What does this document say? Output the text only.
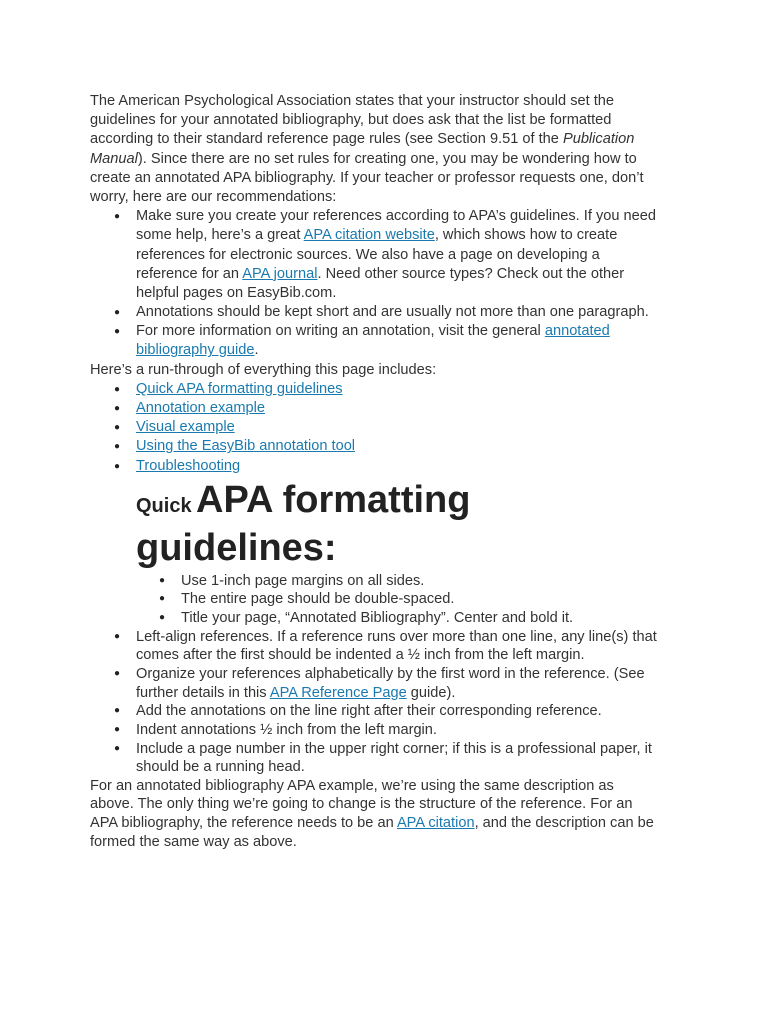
The American Psychological Association states that your instructor should set the
guidelines for your annotated bibliography, but does ask that the list be formatted
according to their standard reference page rules (see Section 9.51 of the Publication
Manual). Since there are no set rules for creating one, you may be wondering how to
create an annotated APA bibliography. If your teacher or professor requests one, don’t
worry, here are our recommendations:
● Make sure you create your references according to APA’s guidelines. If you need
some help, here’s a great APA citation website, which shows how to create
references for electronic sources. We also have a page on developing a
reference for an APA journal. Need other source types? Check out the other
helpful pages on EasyBib.com.
● Annotations should be kept short and are usually not more than one paragraph.
● For more information on writing an annotation, visit the general annotated
bibliography guide.
Here’s a run-through of everything this page includes:
● Quick APA formatting guidelines
● Annotation example
● Visual example
● Using the EasyBib annotation tool
● Troubleshooting
Quick APA formatting
guidelines:
● Use 1-inch page margins on all sides.
● The entire page should be double-spaced.
● Title your page, “Annotated Bibliography”. Center and bold it.
● Left-align references. If a reference runs over more than one line, any line(s) that
comes after the first should be indented a ½ inch from the left margin.
● Organize your references alphabetically by the first word in the reference. (See
further details in this APA Reference Page guide).
● Add the annotations on the line right after their corresponding reference.
● Indent annotations ½ inch from the left margin.
● Include a page number in the upper right corner; if this is a professional paper, it
should be a running head.
For an annotated bibliography APA example, we’re using the same description as
above. The only thing we’re going to change is the structure of the reference. For an
APA bibliography, the reference needs to be an APA citation, and the description can be
formed the same way as above.
